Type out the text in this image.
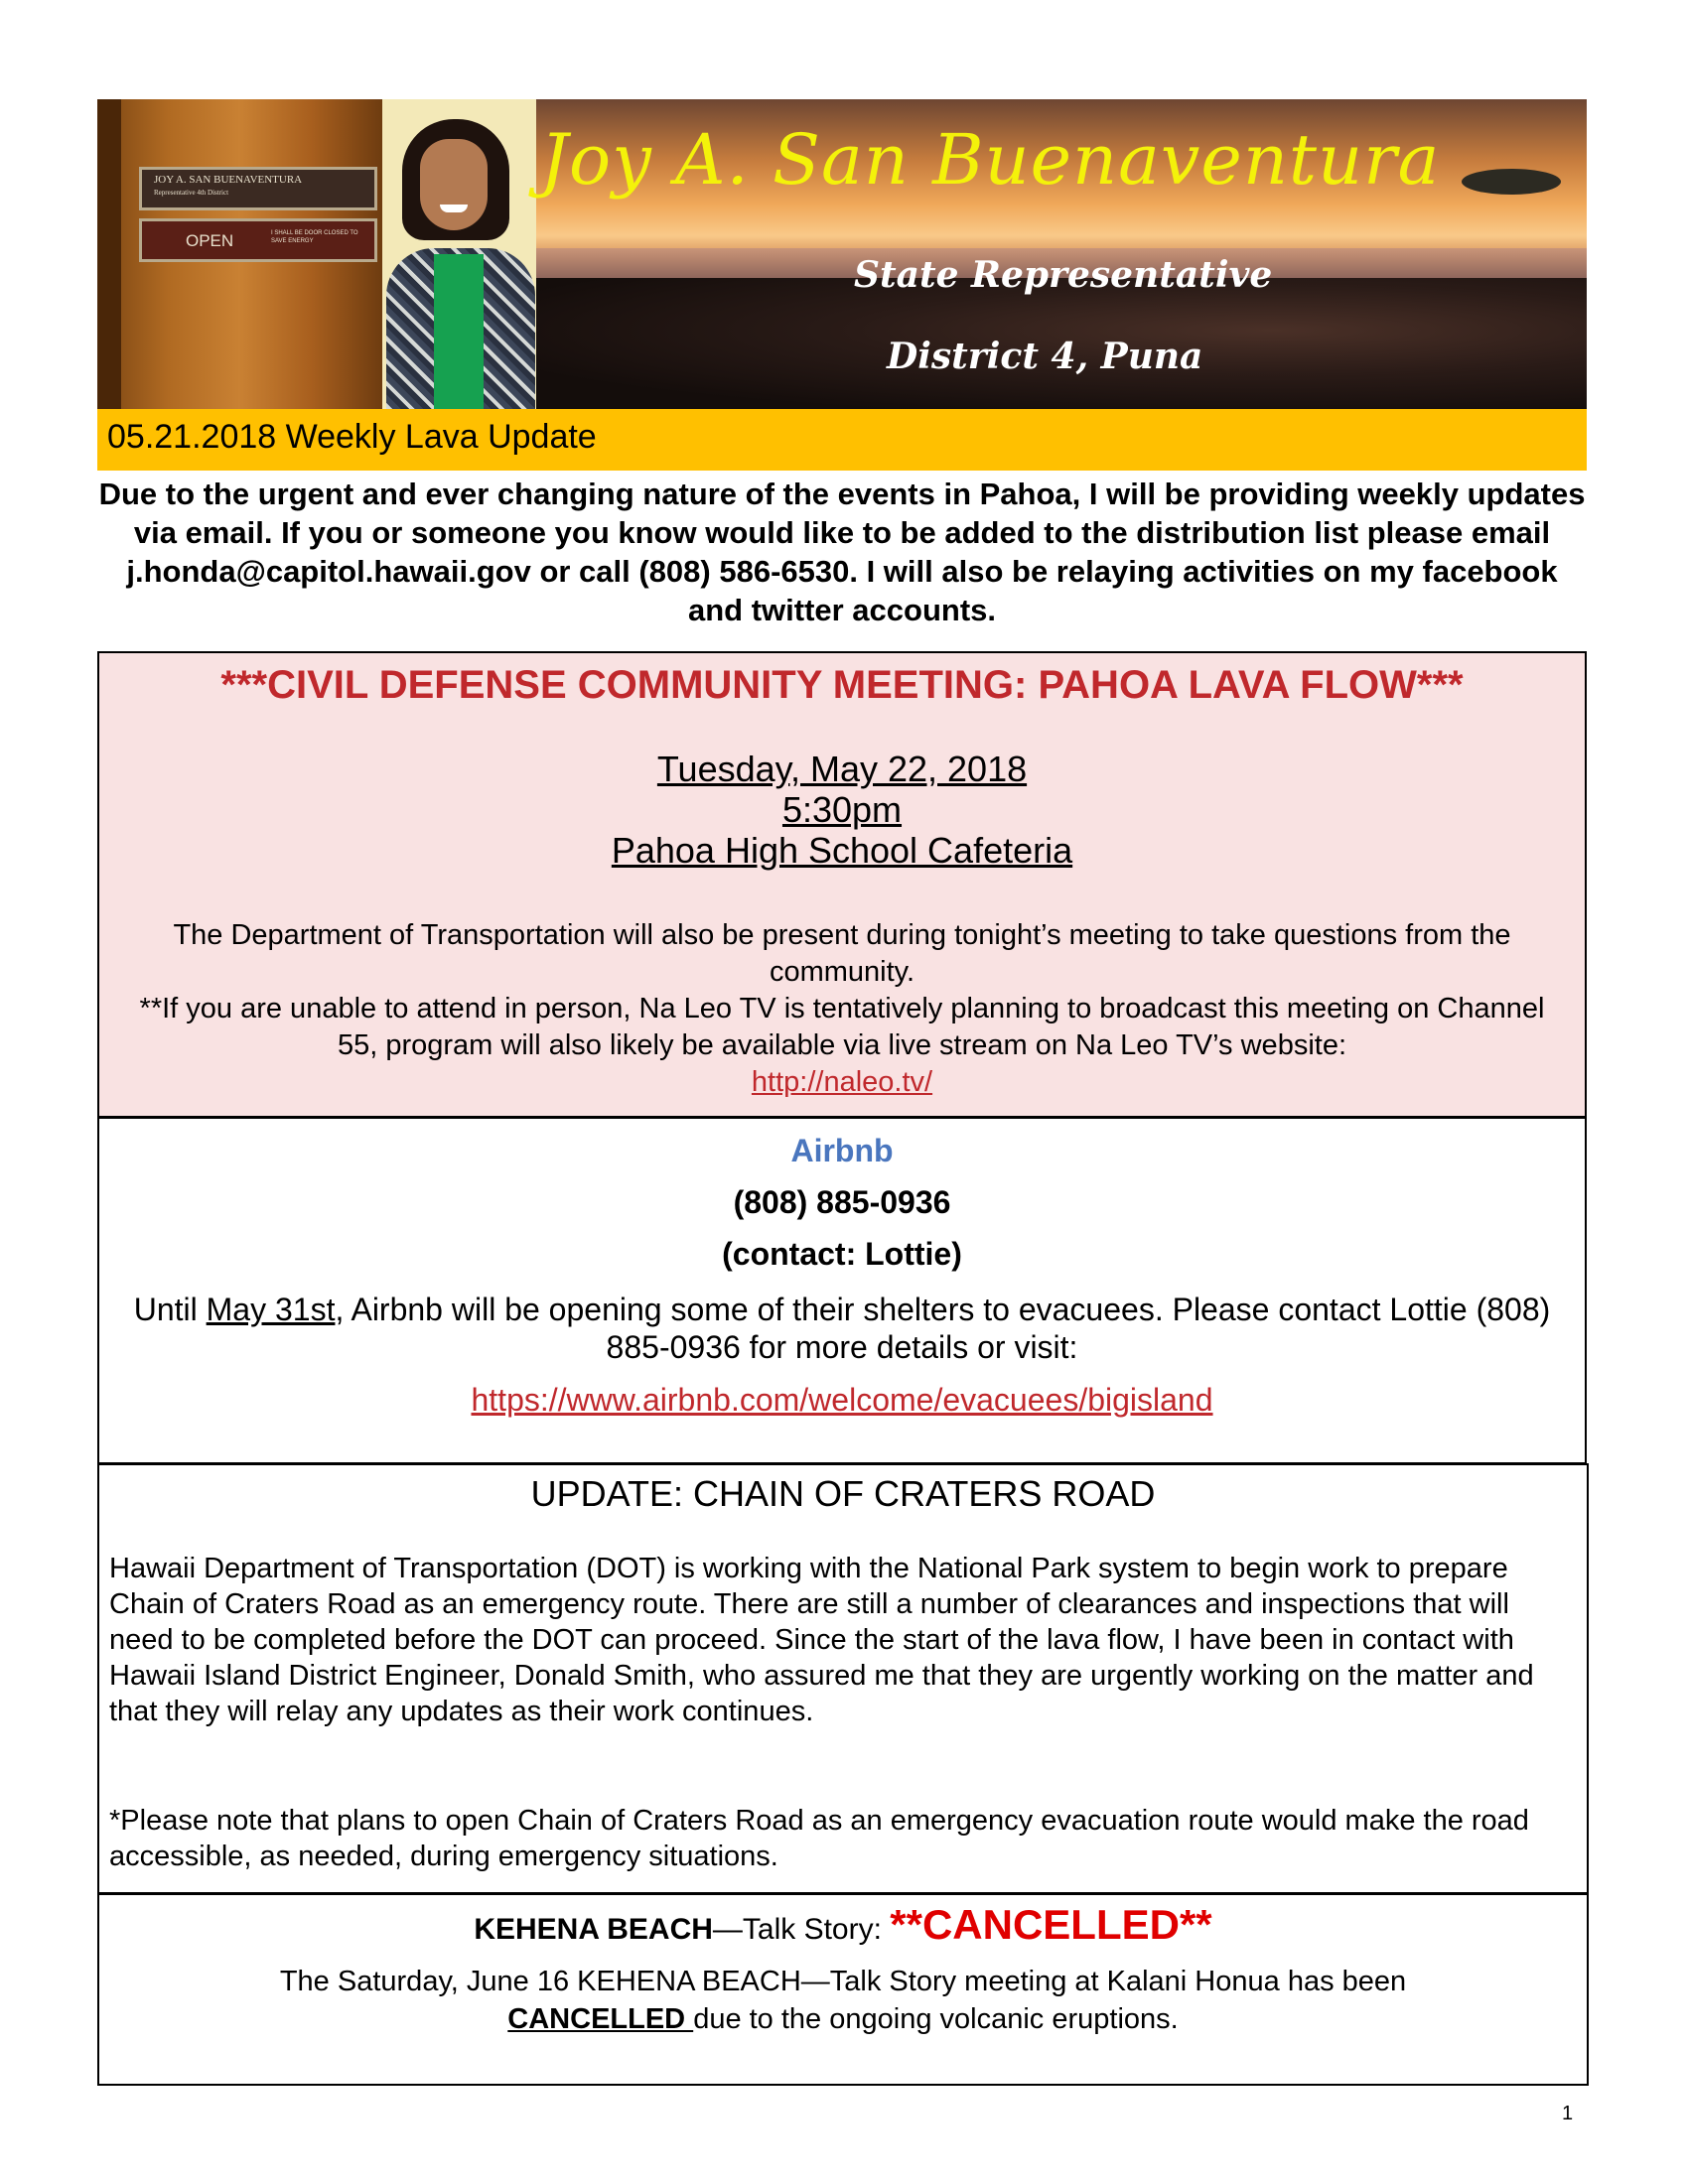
JOY A. SAN BUENAVENTURA
Representative 4th District
OPEN	I SHALL BE DOOR CLOSED TO SAVE ENERGY
Joy A. San Buenaventura
State Representative
District 4, Puna
05.21.2018 Weekly Lava Update
Due to the urgent and ever changing nature of the events in Pahoa, I will be providing weekly updates via email. If you or someone you know would like to be added to the distribution list please email j.honda@capitol.hawaii.gov or call (808) 586-6530. I will also be relaying activities on my facebook and twitter accounts.
***CIVIL DEFENSE COMMUNITY MEETING: PAHOA LAVA FLOW***
Tuesday, May 22, 2018
5:30pm
Pahoa High School Cafeteria
The Department of Transportation will also be present during tonight’s meeting to take questions from the community.
**If you are unable to attend in person, Na Leo TV is tentatively planning to broadcast this meeting on Channel 55, program will also likely be available via live stream on Na Leo TV’s website:
http://naleo.tv/
Airbnb
(808) 885-0936
(contact: Lottie)
Until May 31st, Airbnb will be opening some of their shelters to evacuees. Please contact Lottie (808) 885-0936 for more details or visit:
https://www.airbnb.com/welcome/evacuees/bigisland
UPDATE: CHAIN OF CRATERS ROAD
Hawaii Department of Transportation (DOT) is working with the National Park system to begin work to prepare Chain of Craters Road as an emergency route. There are still a number of clearances and inspections that will need to be completed before the DOT can proceed. Since the start of the lava flow, I have been in contact with Hawaii Island District Engineer, Donald Smith, who assured me that they are urgently working on the matter and that they will relay any updates as their work continues.
*Please note that plans to open Chain of Craters Road as an emergency evacuation route would make the road accessible, as needed, during emergency situations.
KEHENA BEACH—Talk Story: **CANCELLED**
The Saturday, June 16 KEHENA BEACH—Talk Story meeting at Kalani Honua has been
CANCELLED due to the ongoing volcanic eruptions.
1
